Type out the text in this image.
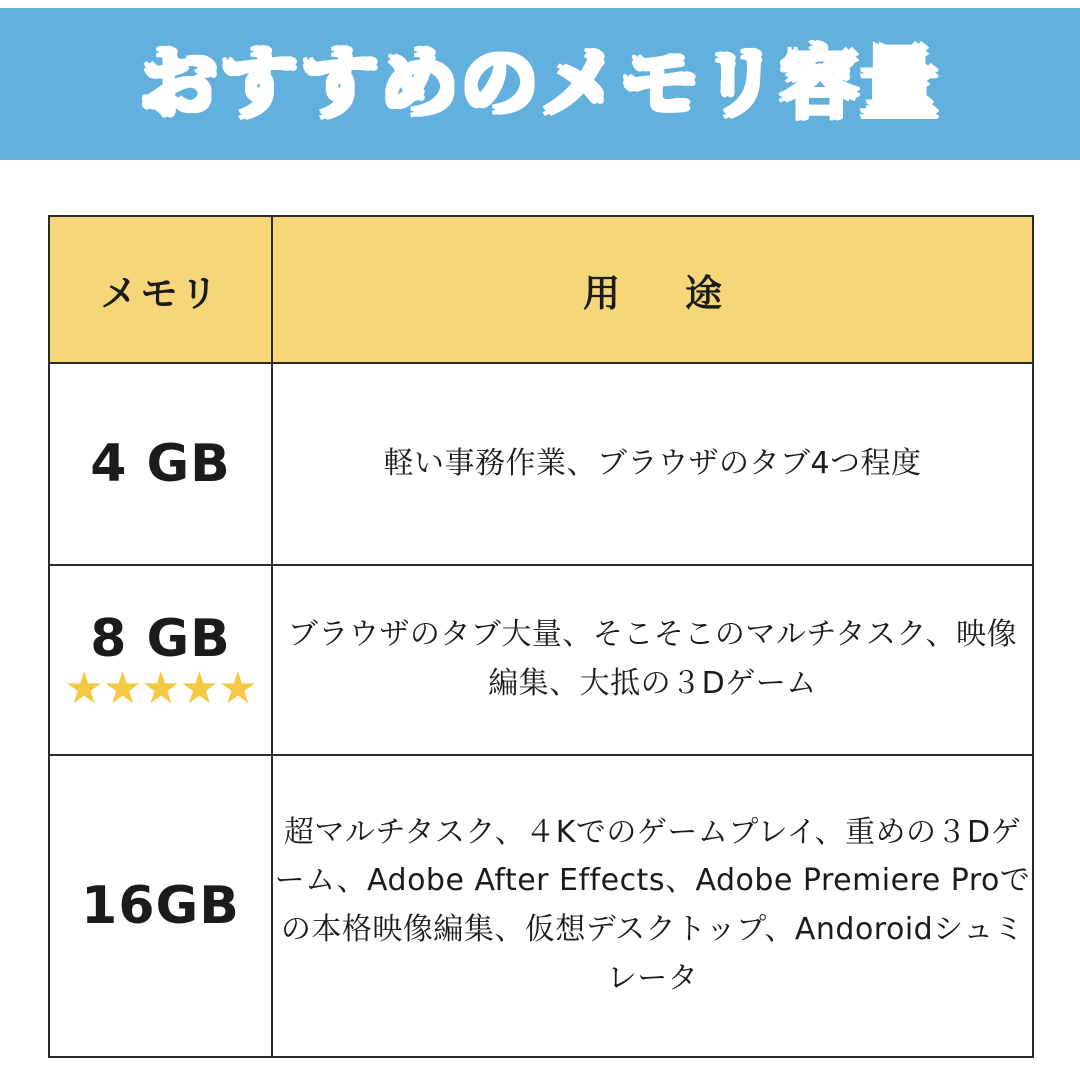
おすすめのメモリ容量
メモリ	用　途

4 GB	軽い事務作業、ブラウザのタブ4つ程度

8 GB
★★★★★	ブラウザのタブ大量、そこそこのマルチタスク、映像編集、大抵の３Dゲーム

16GB	超マルチタスク、４Kでのゲームプレイ、重めの３Dゲーム、Adobe After Effects、Adobe Premiere Proでの本格映像編集、仮想デスクトップ、Andoroidシュミレータ
